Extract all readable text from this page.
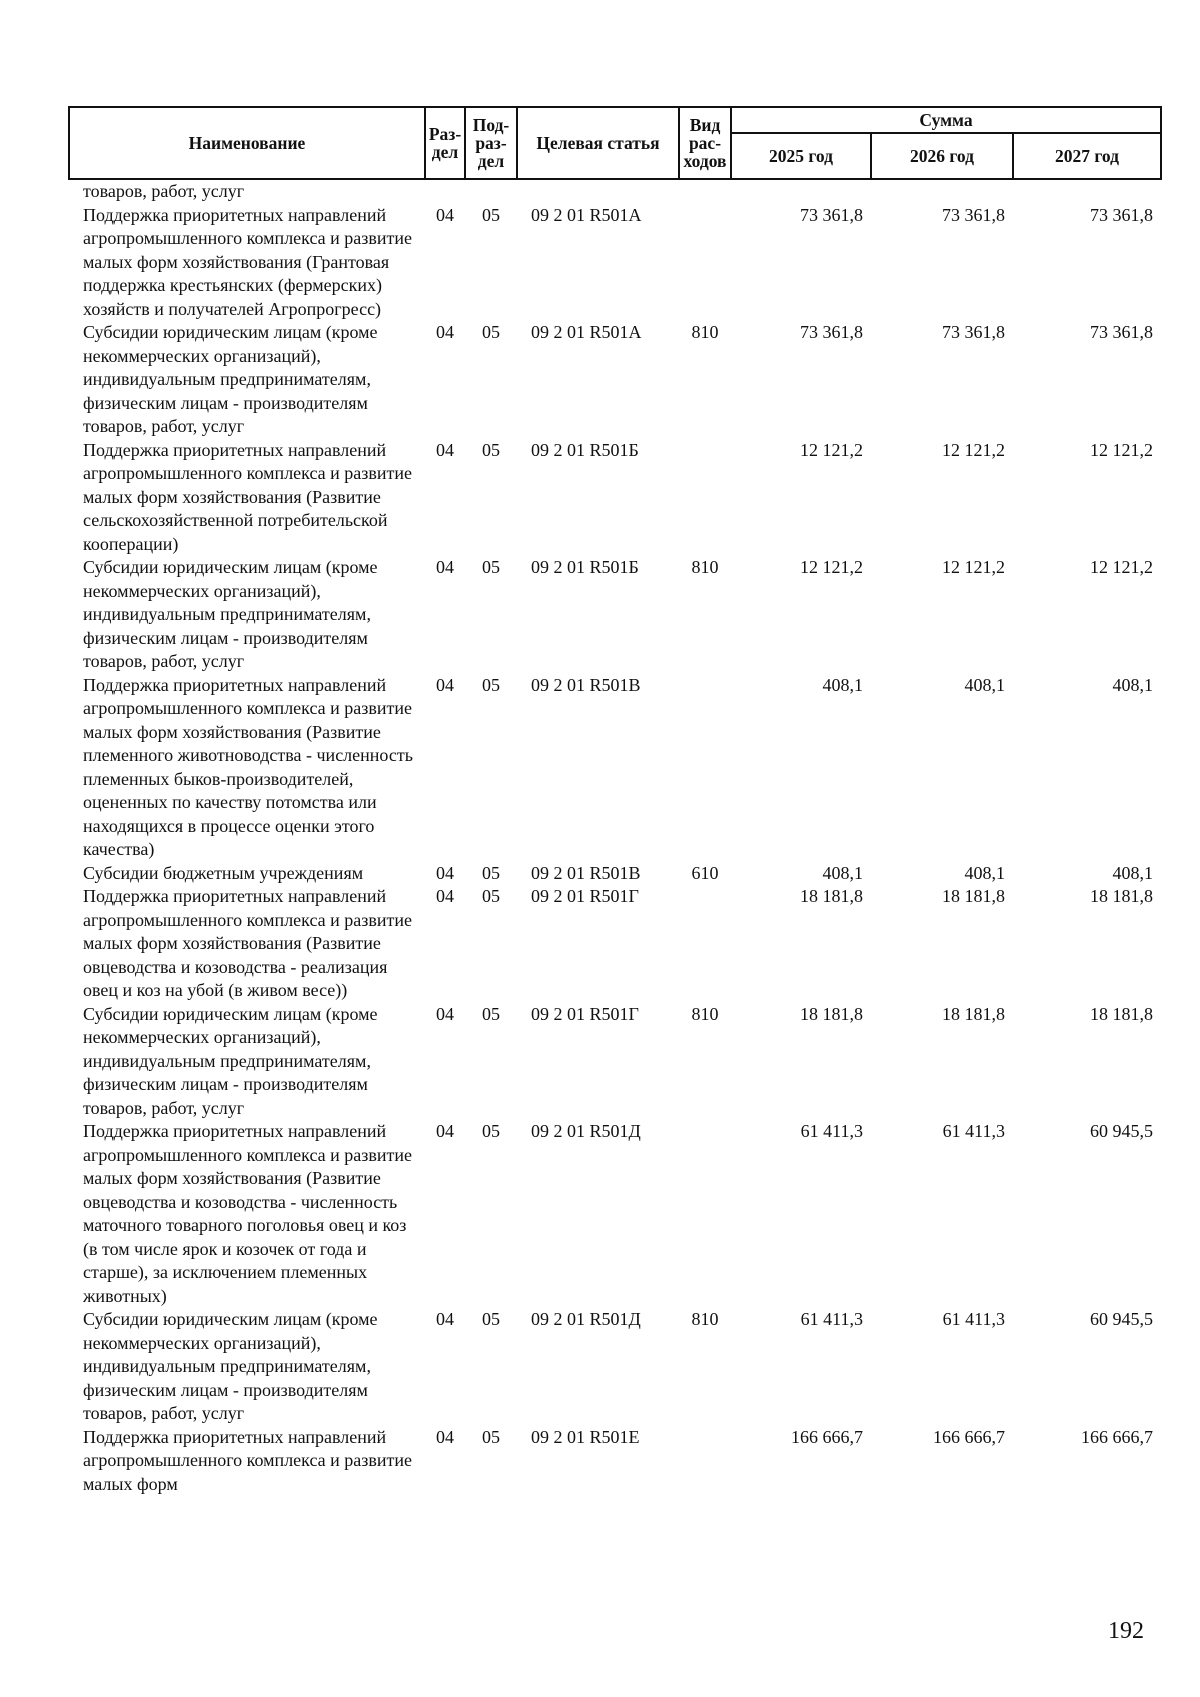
Наименование	Раз-дел	Под-раз-дел	Целевая статья	Вид рас-ходов	Сумма		
					2025 год	2026 год	2027 год
товаров, работ, услуг							
Поддержка приоритетных направлений агропромышленного комплекса и развитие малых форм хозяйствования (Грантовая поддержка крестьянских (фермерских) хозяйств и получателей Агропрогресс)	04	05	09 2 01 R501А		73 361,8	73 361,8	73 361,8
Субсидии юридическим лицам (кроме некоммерческих организаций), индивидуальным предпринимателям, физическим лицам - производителям товаров, работ, услуг	04	05	09 2 01 R501А	810	73 361,8	73 361,8	73 361,8
Поддержка приоритетных направлений агропромышленного комплекса и развитие малых форм хозяйствования (Развитие сельскохозяйственной потребительской кооперации)	04	05	09 2 01 R501Б		12 121,2	12 121,2	12 121,2
Субсидии юридическим лицам (кроме некоммерческих организаций), индивидуальным предпринимателям, физическим лицам - производителям товаров, работ, услуг	04	05	09 2 01 R501Б	810	12 121,2	12 121,2	12 121,2
Поддержка приоритетных направлений агропромышленного комплекса и развитие малых форм хозяйствования (Развитие племенного животноводства - численность племенных быков-производителей, оцененных по качеству потомства или находящихся в процессе оценки этого качества)	04	05	09 2 01 R501В		408,1	408,1	408,1
Субсидии бюджетным учреждениям	04	05	09 2 01 R501В	610	408,1	408,1	408,1
Поддержка приоритетных направлений агропромышленного комплекса и развитие малых форм хозяйствования (Развитие овцеводства и козоводства - реализация овец и коз на убой (в живом весе))	04	05	09 2 01 R501Г		18 181,8	18 181,8	18 181,8
Субсидии юридическим лицам (кроме некоммерческих организаций), индивидуальным предпринимателям, физическим лицам - производителям товаров, работ, услуг	04	05	09 2 01 R501Г	810	18 181,8	18 181,8	18 181,8
Поддержка приоритетных направлений агропромышленного комплекса и развитие малых форм хозяйствования (Развитие овцеводства и козоводства - численность маточного товарного поголовья овец и коз (в том числе ярок и козочек от года и старше), за исключением племенных животных)	04	05	09 2 01 R501Д		61 411,3	61 411,3	60 945,5
Субсидии юридическим лицам (кроме некоммерческих организаций), индивидуальным предпринимателям, физическим лицам - производителям товаров, работ, услуг	04	05	09 2 01 R501Д	810	61 411,3	61 411,3	60 945,5
Поддержка приоритетных направлений агропромышленного комплекса и развитие малых форм	04	05	09 2 01 R501Е		166 666,7	166 666,7	166 666,7
192
